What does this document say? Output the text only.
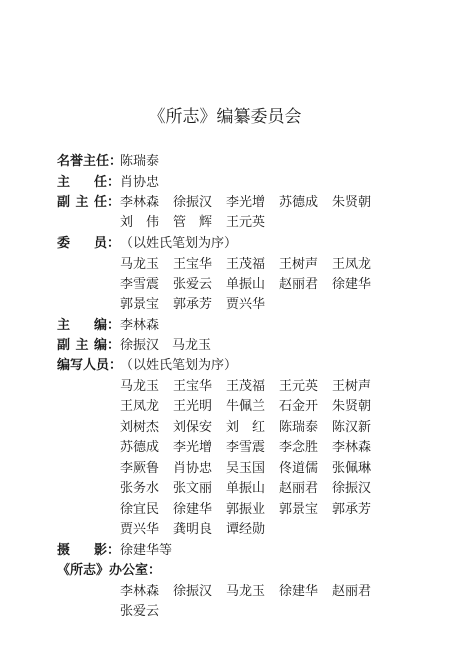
《所志》编纂委员会
名誉主任：
陈瑞泰
主 任： 肖协忠
副 主 任： 李林森 徐振汉 李光增 苏德成 朱贤朝
刘　伟 管　辉 王元英
委 员： （以姓氏笔划为序）
马龙玉 王宝华 王茂福 王树声 王凤龙
李雪震 张爱云 单振山 赵丽君 徐建华
郭景宝 郭承芳 贾兴华
主 编： 李林森
副 主 编： 徐振汉　马龙玉
编写人员：
（以姓氏笔划为序）
马龙玉 王宝华 王茂福 王元英 王树声
王凤龙 王光明 牛佩兰 石金开 朱贤朝
刘树杰 刘保安 刘　红 陈瑞泰 陈汉新
苏德成 李光增 李雪震 李念胜 李林森
李厥鲁 肖协忠 吴玉国 佟道儒 张佩琳
张务水 张文丽 单振山 赵丽君 徐振汉
徐宜民 徐建华 郭振业 郭景宝 郭承芳
贾兴华 龚明良 谭经勋
摄 影： 徐建华等
《所志》办公室：
李林森 徐振汉 马龙玉 徐建华 赵丽君
张爱云
